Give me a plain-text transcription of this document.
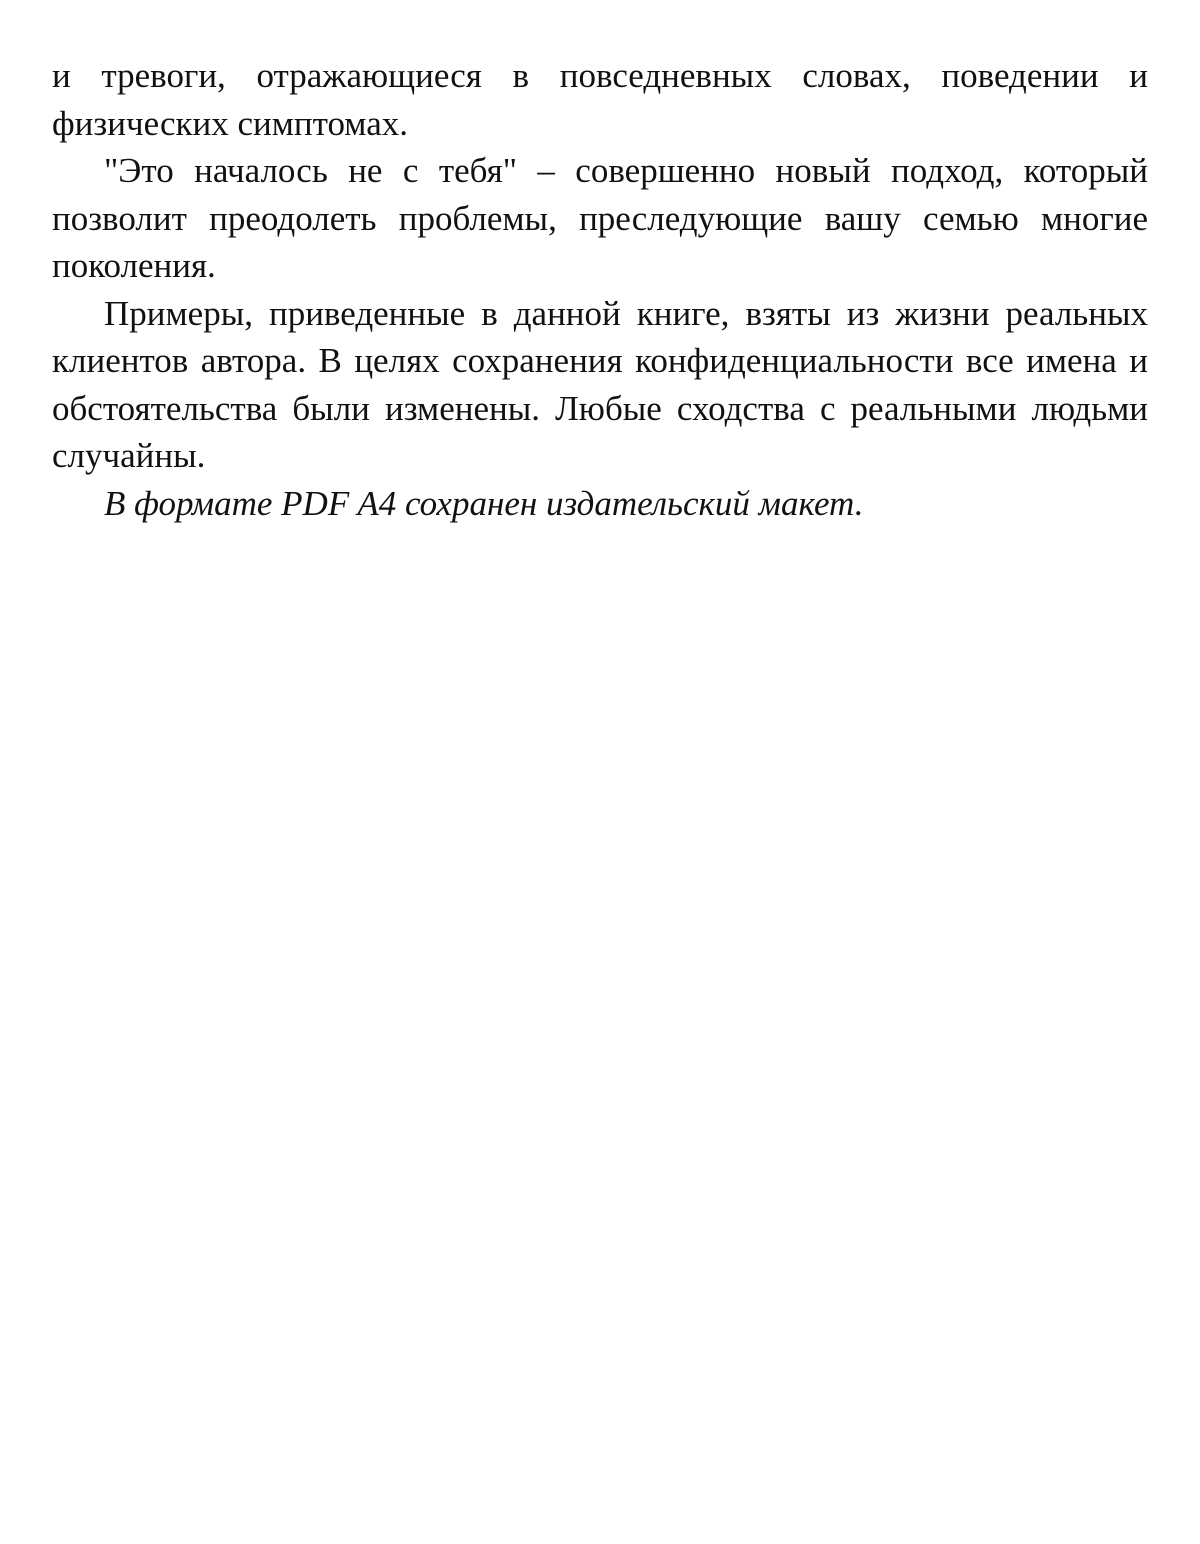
и тревоги, отражающиеся в повседневных словах, поведении и физических симптомах.

"Это началось не с тебя" – совершенно новый подход, который позволит преодолеть проблемы, преследующие вашу семью многие поколения.

Примеры, приведенные в данной книге, взяты из жизни реальных клиентов автора. В целях сохранения конфиденциальности все имена и обстоятельства были изменены. Любые сходства с реальными людьми случайны.

В формате PDF A4 сохранен издательский макет.
